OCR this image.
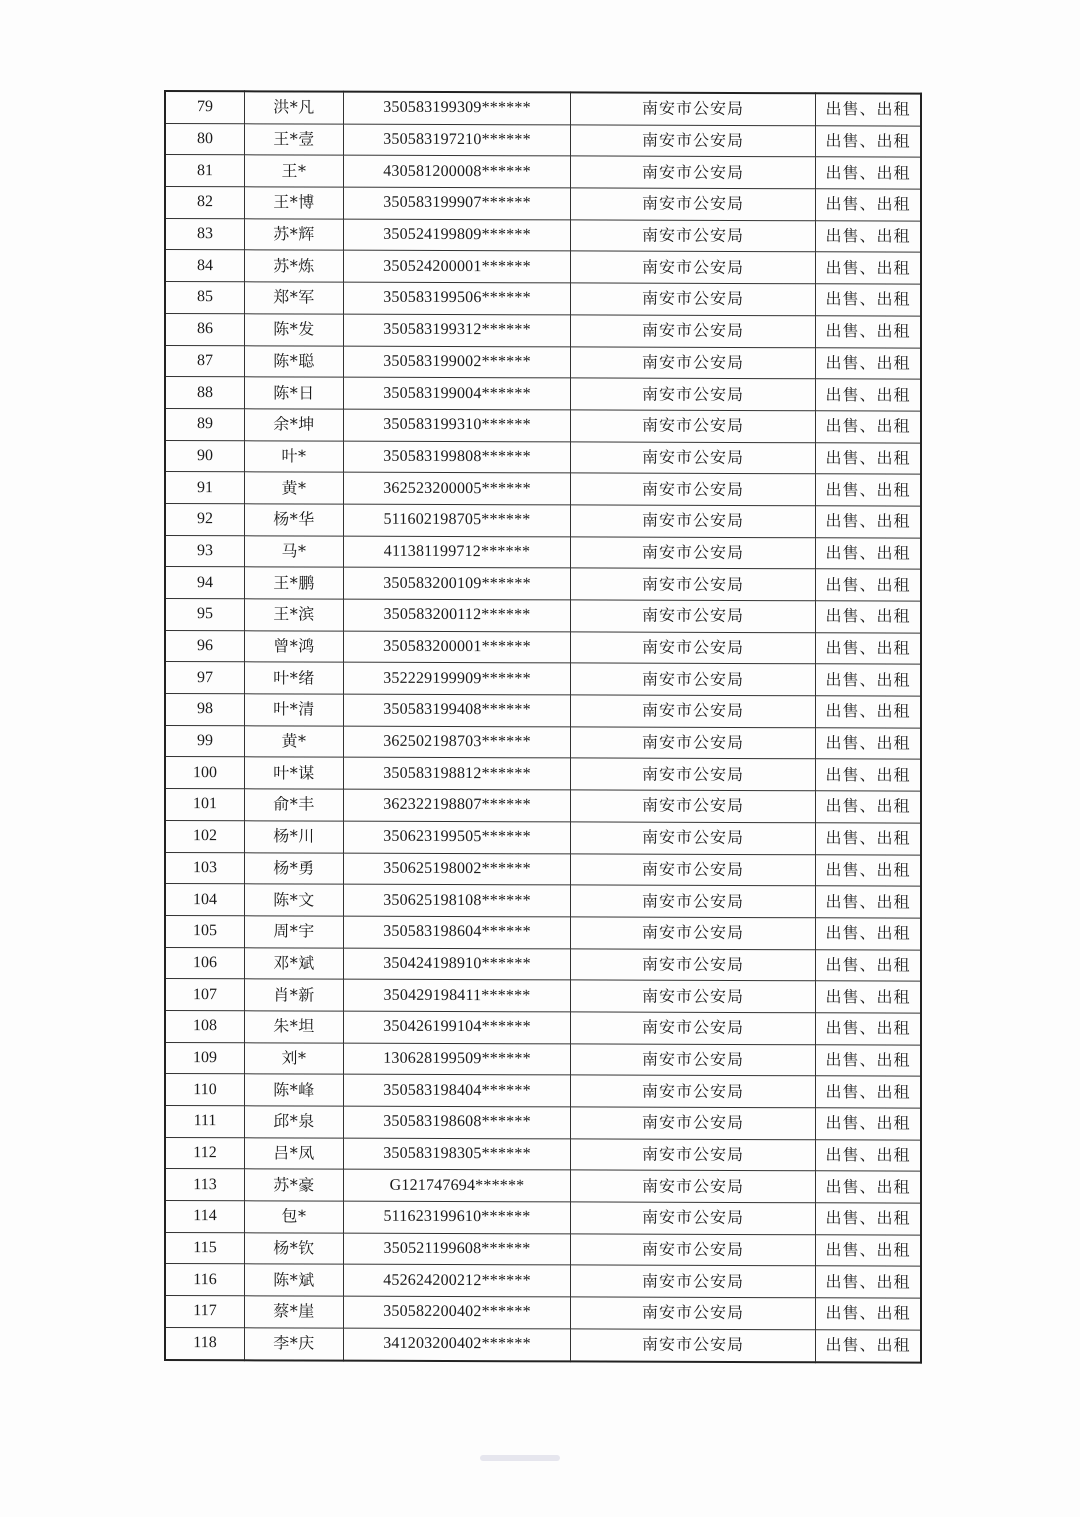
79	洪*凡	350583199309******	南安市公安局	出售、出租
80	王*壹	350583197210******	南安市公安局	出售、出租
81	王*	430581200008******	南安市公安局	出售、出租
82	王*博	350583199907******	南安市公安局	出售、出租
83	苏*辉	350524199809******	南安市公安局	出售、出租
84	苏*炼	350524200001******	南安市公安局	出售、出租
85	郑*军	350583199506******	南安市公安局	出售、出租
86	陈*发	350583199312******	南安市公安局	出售、出租
87	陈*聪	350583199002******	南安市公安局	出售、出租
88	陈*日	350583199004******	南安市公安局	出售、出租
89	余*坤	350583199310******	南安市公安局	出售、出租
90	叶*	350583199808******	南安市公安局	出售、出租
91	黄*	362523200005******	南安市公安局	出售、出租
92	杨*华	511602198705******	南安市公安局	出售、出租
93	马*	411381199712******	南安市公安局	出售、出租
94	王*鹏	350583200109******	南安市公安局	出售、出租
95	王*滨	350583200112******	南安市公安局	出售、出租
96	曾*鸿	350583200001******	南安市公安局	出售、出租
97	叶*绪	352229199909******	南安市公安局	出售、出租
98	叶*清	350583199408******	南安市公安局	出售、出租
99	黄*	362502198703******	南安市公安局	出售、出租
100	叶*谋	350583198812******	南安市公安局	出售、出租
101	俞*丰	362322198807******	南安市公安局	出售、出租
102	杨*川	350623199505******	南安市公安局	出售、出租
103	杨*勇	350625198002******	南安市公安局	出售、出租
104	陈*文	350625198108******	南安市公安局	出售、出租
105	周*宇	350583198604******	南安市公安局	出售、出租
106	邓*斌	350424198910******	南安市公安局	出售、出租
107	肖*新	350429198411******	南安市公安局	出售、出租
108	朱*坦	350426199104******	南安市公安局	出售、出租
109	刘*	130628199509******	南安市公安局	出售、出租
110	陈*峰	350583198404******	南安市公安局	出售、出租
111	邱*泉	350583198608******	南安市公安局	出售、出租
112	吕*凤	350583198305******	南安市公安局	出售、出租
113	苏*豪	G121747694******	南安市公安局	出售、出租
114	包*	511623199610******	南安市公安局	出售、出租
115	杨*钦	350521199608******	南安市公安局	出售、出租
116	陈*斌	452624200212******	南安市公安局	出售、出租
117	蔡*崖	350582200402******	南安市公安局	出售、出租
118	李*庆	341203200402******	南安市公安局	出售、出租
